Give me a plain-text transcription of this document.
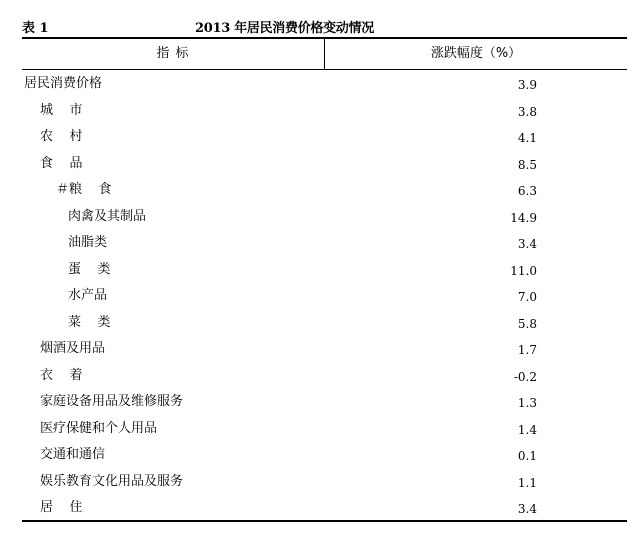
表 1	2013 年居民消费价格变动情况
指 标	涨跌幅度（%）
居民消费价格	3.9
城    市	3.8
农    村	4.1
食    品	8.5
＃粮    食	6.3
肉禽及其制品	14.9
油脂类	3.4
蛋    类	11.0
水产品	7.0
菜    类	5.8
烟酒及用品	1.7
衣    着	-0.2
家庭设备用品及维修服务	1.3
医疗保健和个人用品	1.4
交通和通信	0.1
娱乐教育文化用品及服务	1.1
居    住	3.4
